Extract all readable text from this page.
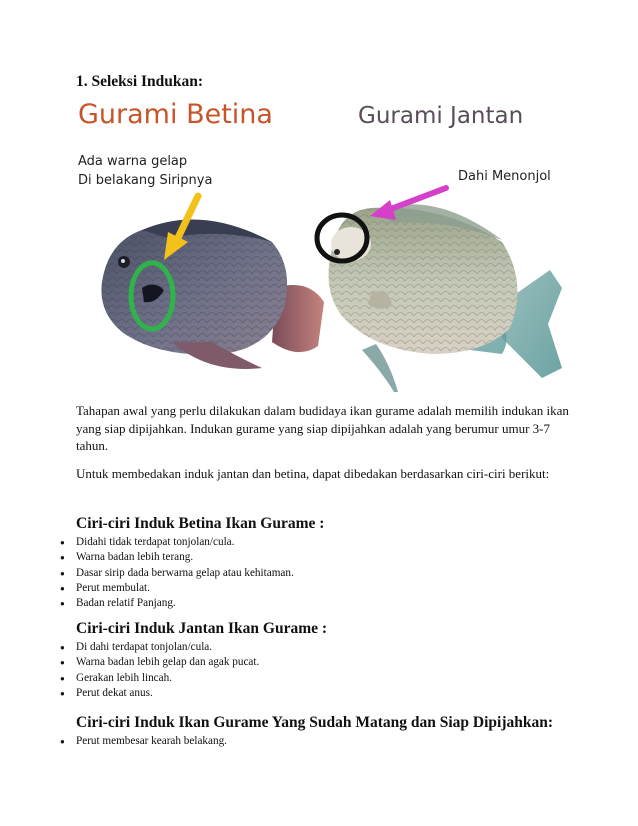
1. Seleksi Indukan:
Gurami Betina	Gurami Jantan
Ada warna gelap
Di belakang Siripnya	Dahi Menonjol

Tahapan awal yang perlu dilakukan dalam budidaya ikan gurame adalah memilih indukan ikan yang siap dipijahkan. Indukan gurame yang siap dipijahkan adalah yang berumur umur 3-7 tahun.

Untuk membedakan induk jantan dan betina, dapat dibedakan berdasarkan ciri-ciri berikut:

Ciri-ciri Induk Betina Ikan Gurame :
● Didahi tidak terdapat tonjolan/cula.
● Warna badan lebih terang.
● Dasar sirip dada berwarna gelap atau kehitaman.
● Perut membulat.
● Badan relatif Panjang.
Ciri-ciri Induk Jantan Ikan Gurame :
● Di dahi terdapat tonjolan/cula.
● Warna badan lebih gelap dan agak pucat.
● Gerakan lebih lincah.
● Perut dekat anus.
Ciri-ciri Induk Ikan Gurame Yang Sudah Matang dan Siap Dipijahkan:
● Perut membesar kearah belakang.
